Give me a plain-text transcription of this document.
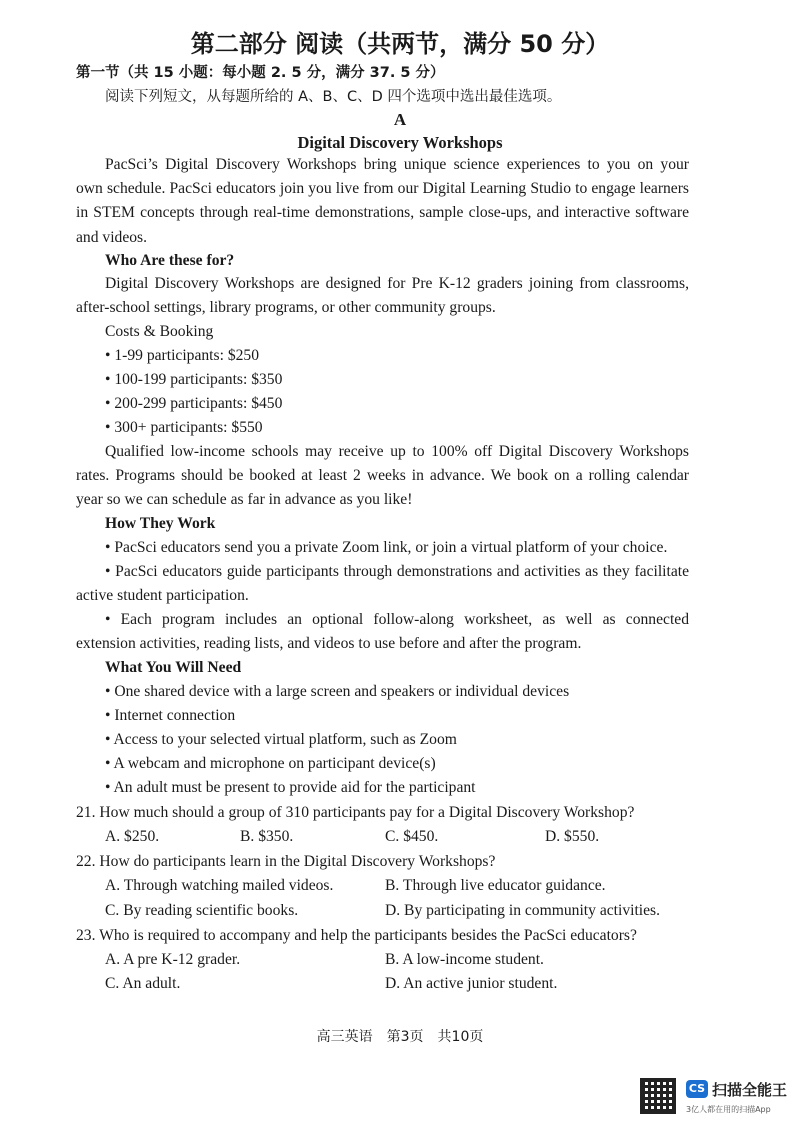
第二部分 阅读（共两节，满分 50 分）
第一节（共 15 小题：每小题 2. 5 分，满分 37. 5 分）
阅读下列短文，从每题所给的 A、B、C、D 四个选项中选出最佳选项。
A
Digital Discovery Workshops
PacSci’s Digital Discovery Workshops bring unique science experiences to you on your
own schedule. PacSci educators join you live from our Digital Learning Studio to engage learners
in STEM concepts through real-time demonstrations, sample close-ups, and interactive software
and videos.
Who Are these for?
Digital Discovery Workshops are designed for Pre K-12 graders joining from classrooms,
after-school settings, library programs, or other community groups.
Costs & Booking
• 1-99 participants: $250
• 100-199 participants: $350
• 200-299 participants: $450
• 300+ participants: $550
Qualified low-income schools may receive up to 100% off Digital Discovery Workshops
rates. Programs should be booked at least 2 weeks in advance. We book on a rolling calendar
year so we can schedule as far in advance as you like!
How They Work
• PacSci educators send you a private Zoom link, or join a virtual platform of your choice.
• PacSci educators guide participants through demonstrations and activities as they facilitate
active student participation.
• Each program includes an optional follow-along worksheet, as well as connected
extension activities, reading lists, and videos to use before and after the program.
What You Will Need
• One shared device with a large screen and speakers or individual devices
• Internet connection
• Access to your selected virtual platform, such as Zoom
• A webcam and microphone on participant device(s)
• An adult must be present to provide aid for the participant
21. How much should a group of 310 participants pay for a Digital Discovery Workshop?
A. $250.	B. $350.	C. $450.	D. $550.
22. How do participants learn in the Digital Discovery Workshops?
A. Through watching mailed videos.	B. Through live educator guidance.
C. By reading scientific books.	D. By participating in community activities.
23. Who is required to accompany and help the participants besides the PacSci educators?
A. A pre K-12 grader.	B. A low-income student.
C. An adult.	D. An active junior student.
高三英语　第3页　共10页
CS 扫描全能王
3亿人都在用的扫描App
